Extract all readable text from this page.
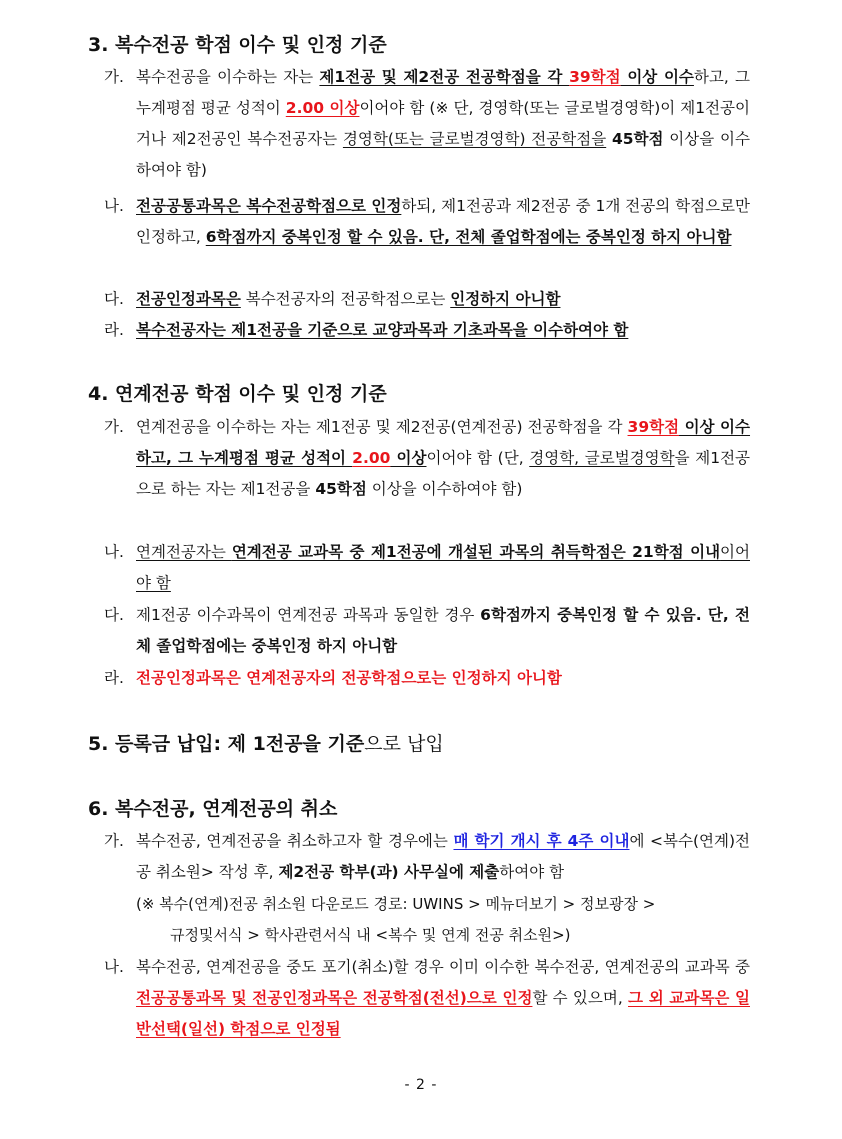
3. 복수전공 학점 이수 및 인정 기준
가. 복수전공을 이수하는 자는 제1전공 및 제2전공 전공학점을 각 39학점 이상 이수하고, 그 누계평점 평균 성적이 2.00 이상이어야 함 (※ 단, 경영학(또는 글로벌경영학)이 제1전공이거나 제2전공인 복수전공자는 경영학(또는 글로벌경영학) 전공학점을 45학점 이상을 이수하여야 함)
나. 전공공통과목은 복수전공학점으로 인정하되, 제1전공과 제2전공 중 1개 전공의 학점으로만 인정하고, 6학점까지 중복인정 할 수 있음. 단, 전체 졸업학점에는 중복인정 하지 아니함
다. 전공인정과목은 복수전공자의 전공학점으로는 인정하지 아니함
라. 복수전공자는 제1전공을 기준으로 교양과목과 기초과목을 이수하여야 함
4. 연계전공 학점 이수 및 인정 기준
가. 연계전공을 이수하는 자는 제1전공 및 제2전공(연계전공) 전공학점을 각 39학점 이상 이수하고, 그 누계평점 평균 성적이 2.00 이상이어야 함 (단, 경영학, 글로벌경영학을 제1전공으로 하는 자는 제1전공을 45학점 이상을 이수하여야 함)
나. 연계전공자는 연계전공 교과목 중 제1전공에 개설된 과목의 취득학점은 21학점 이내이어야 함
다. 제1전공 이수과목이 연계전공 과목과 동일한 경우 6학점까지 중복인정 할 수 있음. 단, 전체 졸업학점에는 중복인정 하지 아니함
라. 전공인정과목은 연계전공자의 전공학점으로는 인정하지 아니함
5. 등록금 납입: 제 1전공을 기준으로 납입
6. 복수전공, 연계전공의 취소
가. 복수전공, 연계전공을 취소하고자 할 경우에는 매 학기 개시 후 4주 이내에 <복수(연계)전공 취소원> 작성 후, 제2전공 학부(과) 사무실에 제출하여야 함
(※ 복수(연계)전공 취소원 다운로드 경로: UWINS > 메뉴더보기 > 정보광장 >
규정및서식 > 학사관련서식 내 <복수 및 연계 전공 취소원>)
나. 복수전공, 연계전공을 중도 포기(취소)할 경우 이미 이수한 복수전공, 연계전공의 교과목 중 전공공통과목 및 전공인정과목은 전공학점(전선)으로 인정할 수 있으며, 그 외 교과목은 일반선택(일선) 학점으로 인정됨
- 2 -
